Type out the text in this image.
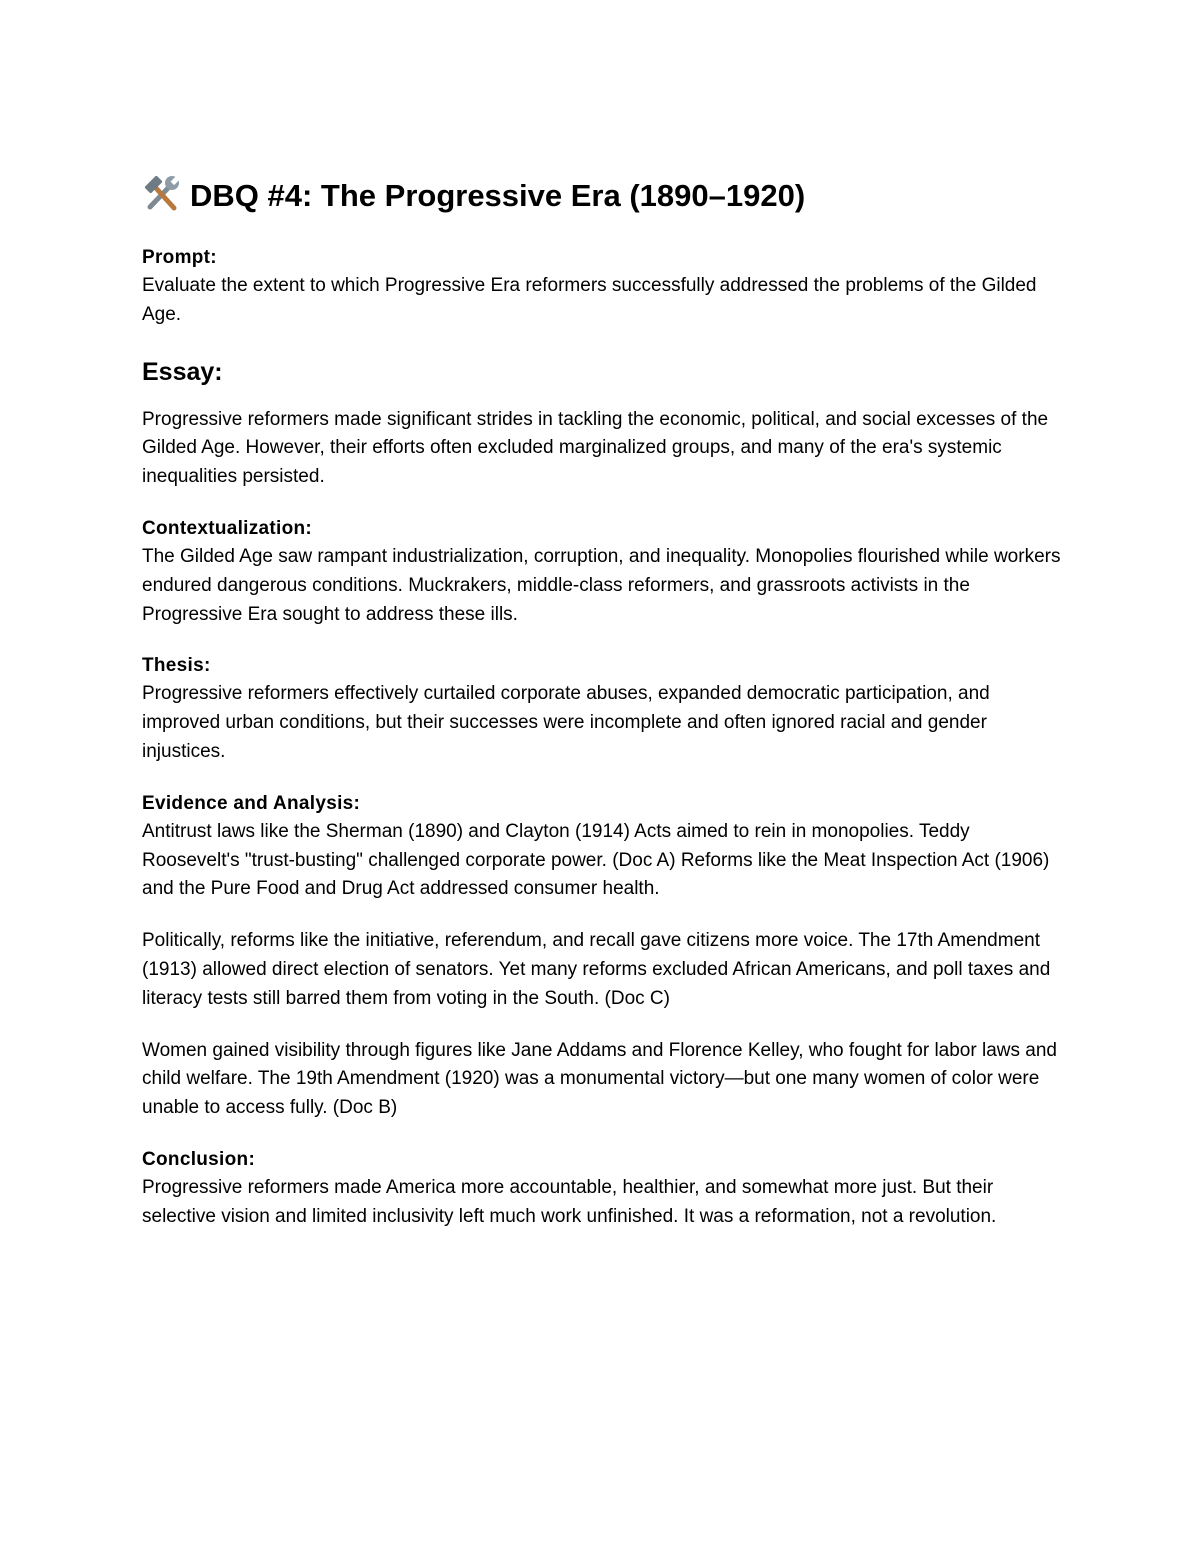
DBQ #4: The Progressive Era (1890–1920)

Prompt:

Evaluate the extent to which Progressive Era reformers successfully addressed the problems of the Gilded Age.

Essay:

Progressive reformers made significant strides in tackling the economic, political, and social excesses of the Gilded Age. However, their efforts often excluded marginalized groups, and many of the era's systemic inequalities persisted.

Contextualization:

The Gilded Age saw rampant industrialization, corruption, and inequality. Monopolies flourished while workers endured dangerous conditions. Muckrakers, middle-class reformers, and grassroots activists in the Progressive Era sought to address these ills.

Thesis:

Progressive reformers effectively curtailed corporate abuses, expanded democratic participation, and improved urban conditions, but their successes were incomplete and often ignored racial and gender injustices.

Evidence and Analysis:

Antitrust laws like the Sherman (1890) and Clayton (1914) Acts aimed to rein in monopolies. Teddy Roosevelt's "trust-busting" challenged corporate power. (Doc A) Reforms like the Meat Inspection Act (1906) and the Pure Food and Drug Act addressed consumer health.

Politically, reforms like the initiative, referendum, and recall gave citizens more voice. The 17th Amendment (1913) allowed direct election of senators. Yet many reforms excluded African Americans, and poll taxes and literacy tests still barred them from voting in the South. (Doc C)

Women gained visibility through figures like Jane Addams and Florence Kelley, who fought for labor laws and child welfare. The 19th Amendment (1920) was a monumental victory—but one many women of color were unable to access fully. (Doc B)

Conclusion:

Progressive reformers made America more accountable, healthier, and somewhat more just. But their selective vision and limited inclusivity left much work unfinished. It was a reformation, not a revolution.
